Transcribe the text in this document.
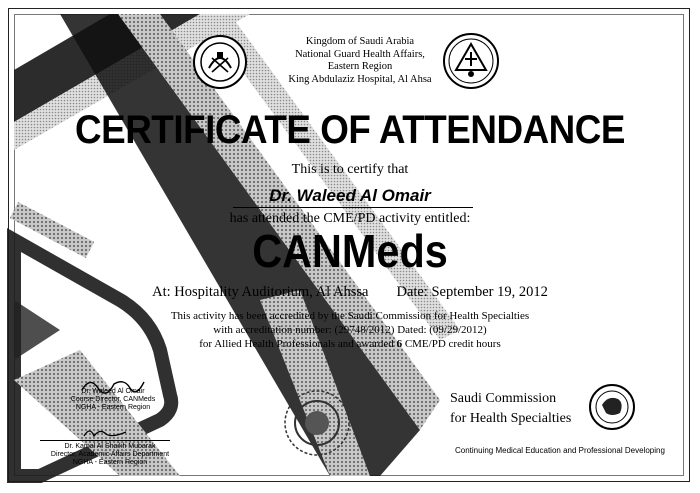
Kingdom of Saudi Arabia
National Guard Health Affairs,
Eastern Region
King Abdulaziz Hospital, Al Ahsa
CERTIFICATE OF ATTENDANCE
This is to certify that
Dr. Waleed Al Omair
has attended the CME/PD activity entitled:
CANMeds
At: Hospitality Auditorium, Al Ahssa Date: September 19, 2012
This activity has been accredited by the Saudi Commission for Health Specialties
with accreditation number: (29748/2012) Dated: (09/29/2012)
for Allied Health Professionals and awarded 6 CME/PD credit hours
Dr. Waleed Al Omair
Course Director, CANMeds
NGHA - Eastern Region
Dr. Kamal Al Shaikh Mubarak
Director, Academic Affairs Department
NGHA - Eastern Region
Saudi Commission
for Health Specialties
Continuing Medical Education and Professional Developing
